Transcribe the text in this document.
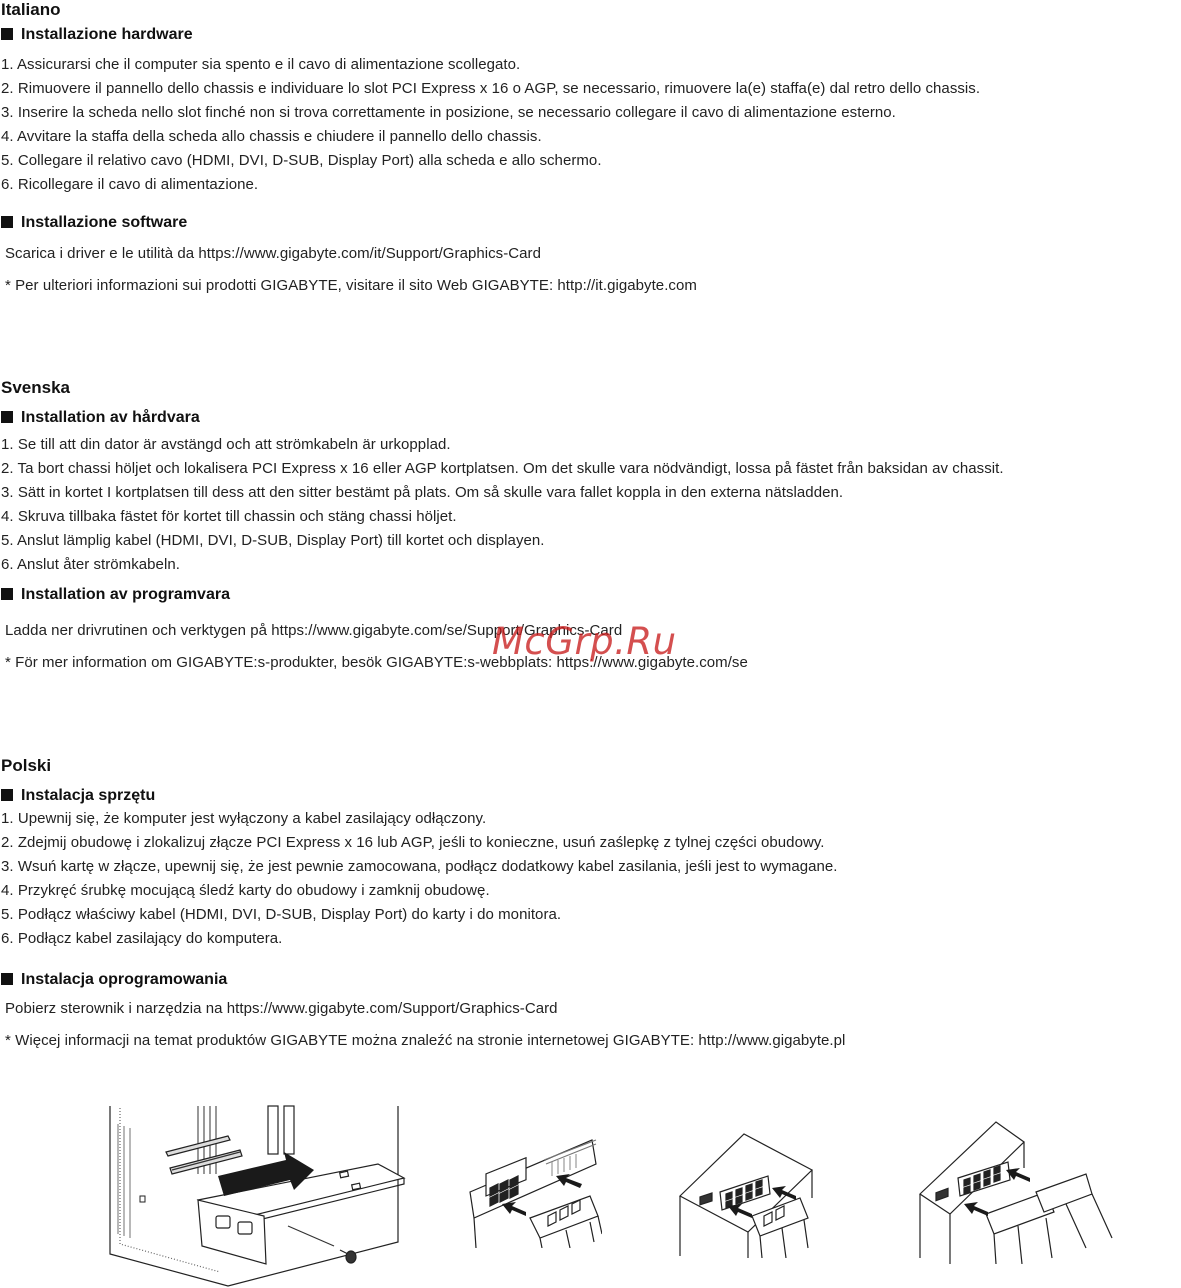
Italiano
Installazione hardware
1. Assicurarsi che il computer sia spento e il cavo di alimentazione scollegato.
2. Rimuovere il pannello dello chassis e individuare lo slot PCI Express x 16 o AGP, se necessario, rimuovere la(e) staffa(e) dal retro dello chassis.
3. Inserire la scheda nello slot finché non si trova correttamente in posizione, se necessario collegare il cavo di alimentazione esterno.
4. Avvitare la staffa della scheda allo chassis e chiudere il pannello dello chassis.
5. Collegare il relativo cavo (HDMI, DVI, D-SUB, Display Port) alla scheda e allo schermo.
6. Ricollegare il cavo di alimentazione.
Installazione software
Scarica i driver e le utilità da https://www.gigabyte.com/it/Support/Graphics-Card
* Per ulteriori informazioni sui prodotti GIGABYTE, visitare il sito Web GIGABYTE: http://it.gigabyte.com
Svenska
Installation av hårdvara
1. Se till att din dator är avstängd och att strömkabeln är urkopplad.
2. Ta bort chassi höljet och lokalisera PCI Express x 16 eller AGP kortplatsen. Om det skulle vara nödvändigt, lossa på fästet från baksidan av chassit.
3. Sätt in kortet I kortplatsen till dess att den sitter bestämt på plats. Om så skulle vara fallet koppla in den externa nätsladden.
4. Skruva tillbaka fästet för kortet till chassin och stäng chassi höljet.
5. Anslut lämplig kabel (HDMI, DVI, D-SUB, Display Port) till kortet och displayen.
6. Anslut åter strömkabeln.
Installation av programvara
Ladda ner drivrutinen och verktygen på https://www.gigabyte.com/se/Support/Graphics-Card
* För mer information om GIGABYTE:s-produkter, besök GIGABYTE:s-webbplats: https://www.gigabyte.com/se
Polski
Instalacja sprzętu
1. Upewnij się, że komputer jest wyłączony a kabel zasilający odłączony.
2. Zdejmij obudowę i zlokalizuj złącze PCI Express x 16 lub AGP, jeśli to konieczne, usuń zaślepkę z tylnej części obudowy.
3. Wsuń kartę w złącze, upewnij się, że jest pewnie zamocowana, podłącz dodatkowy kabel zasilania, jeśli jest to wymagane.
4. Przykręć śrubkę mocującą śledź karty do obudowy i zamknij obudowę.
5. Podłącz właściwy kabel (HDMI, DVI, D-SUB, Display Port) do karty i do monitora.
6. Podłącz kabel zasilający do komputera.
Instalacja oprogramowania
Pobierz sterownik i narzędzia na https://www.gigabyte.com/Support/Graphics-Card
* Więcej informacji na temat produktów GIGABYTE można znaleźć na stronie internetowej GIGABYTE: http://www.gigabyte.pl
McGrp.Ru
